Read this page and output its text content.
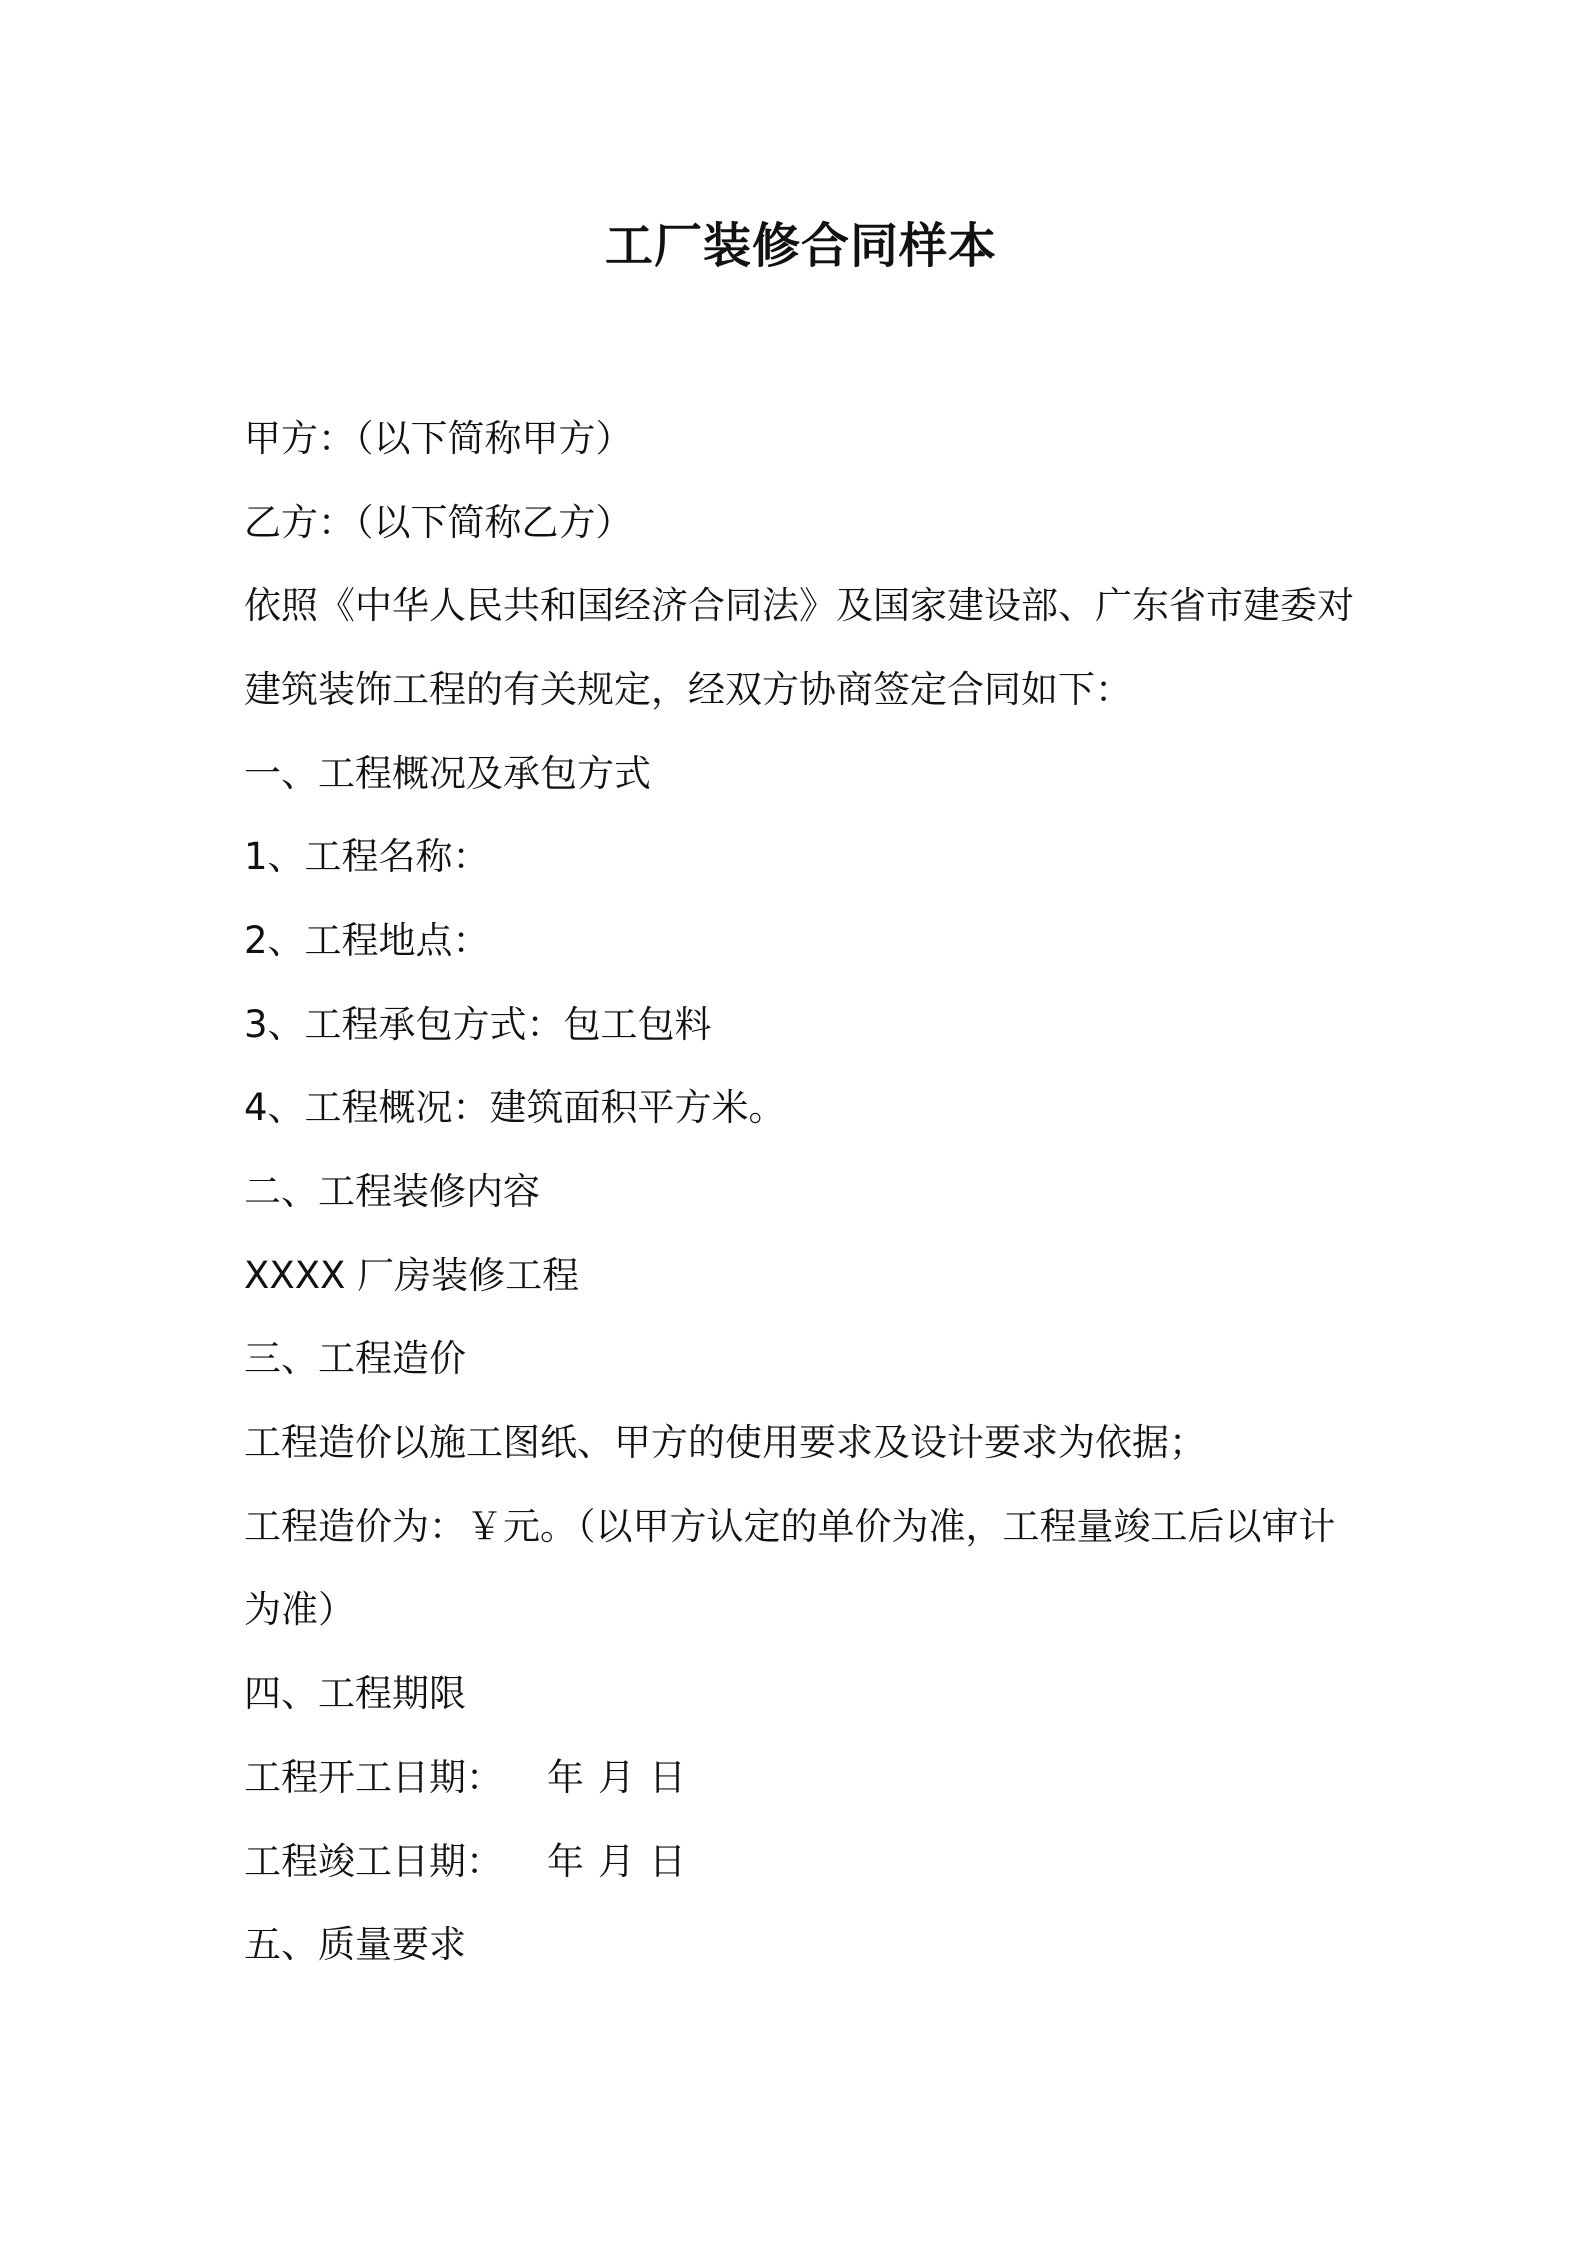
工厂装修合同样本
甲方：（以下简称甲方）
乙方：（以下简称乙方）
依照《中华人民共和国经济合同法》及国家建设部、广东省市建委对
建筑装饰工程的有关规定，经双方协商签定合同如下：
一、工程概况及承包方式
1、工程名称：
2、工程地点：
3、工程承包方式：包工包料
4、工程概况：建筑面积平方米。
二、工程装修内容
XXXX 厂房装修工程
三、工程造价
工程造价以施工图纸、甲方的使用要求及设计要求为依据；
工程造价为：￥元。（以甲方认定的单价为准，工程量竣工后以审计
为准）
四、工程期限
工程开工日期： 年 月 日
工程竣工日期： 年 月 日
五、质量要求
